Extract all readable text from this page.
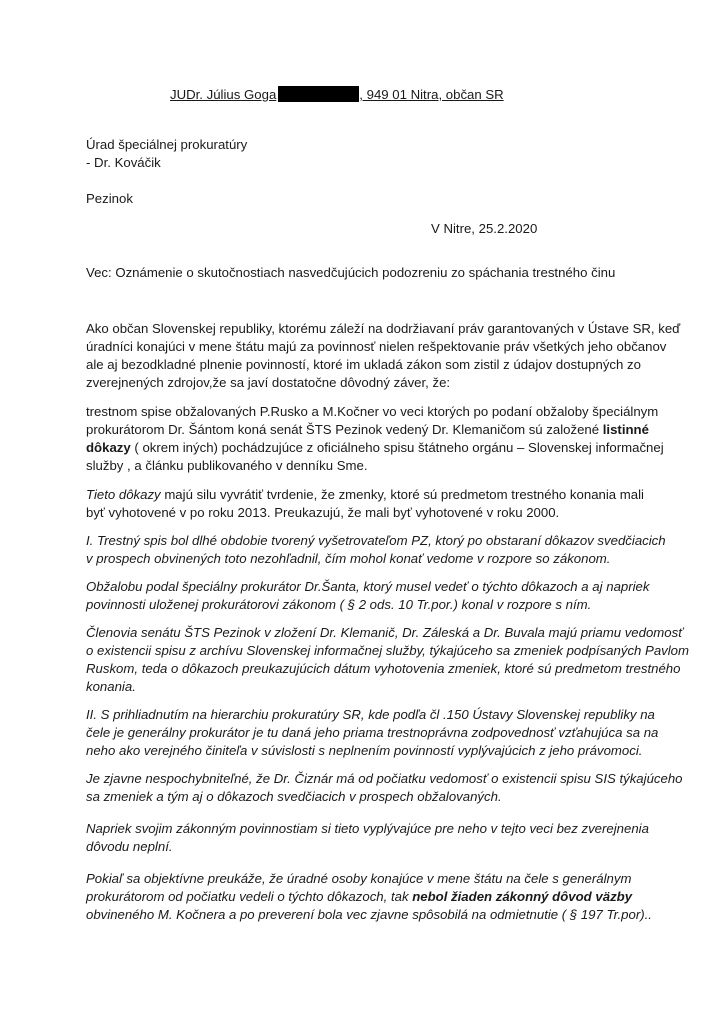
JUDr. Július Goga	, 949 01 Nitra, občan SR
Úrad špeciálnej prokuratúry
- Dr. Kováčik
Pezinok
V Nitre, 25.2.2020
Vec: Oznámenie o skutočnostiach nasvedčujúcich podozreniu zo spáchania trestného činu
Ako občan Slovenskej republiky, ktorému záleží na dodržiavaní práv garantovaných v Ústave SR, keď
úradníci konajúci v mene štátu majú za povinnosť nielen rešpektovanie práv všetkých jeho občanov
ale aj bezodkladné plnenie povinností, ktoré im ukladá zákon som zistil z údajov dostupných zo
zverejnených zdrojov,že sa javí dostatočne dôvodný záver, že:
trestnom spise obžalovaných P.Rusko a M.Kočner vo veci ktorých po podaní obžaloby špeciálnym
prokurátorom Dr. Šántom koná senát ŠTS Pezinok vedený Dr. Klemaničom sú založené listinné
dôkazy ( okrem iných) pochádzujúce z oficiálneho spisu štátneho orgánu – Slovenskej informačnej
služby , a článku publikovaného v denníku Sme.
Tieto dôkazy majú silu vyvrátiť tvrdenie, že zmenky, ktoré sú predmetom trestného konania mali
byť vyhotovené v po roku 2013. Preukazujú, že mali byť vyhotovené v roku 2000.
I. Trestný spis bol dlhé obdobie tvorený vyšetrovateľom PZ, ktorý po obstaraní dôkazov svedčiacich
v prospech obvinených toto nezohľadnil, čím mohol konať vedome v rozpore so zákonom.
Obžalobu podal špeciálny prokurátor Dr.Šanta, ktorý musel vedeť o týchto dôkazoch a aj napriek
povinnosti uloženej prokurátorovi zákonom ( § 2 ods. 10 Tr.por.) konal v rozpore s ním.
Členovia senátu ŠTS Pezinok v zložení Dr. Klemanič, Dr. Záleská a Dr. Buvala majú priamu vedomosť
o existencii spisu z archívu Slovenskej informačnej služby, týkajúceho sa zmeniek podpísaných Pavlom
Ruskom, teda o dôkazoch preukazujúcich dátum vyhotovenia zmeniek, ktoré sú predmetom trestného
konania.
II. S prihliadnutím na hierarchiu prokuratúry SR, kde podľa čl .150 Ústavy Slovenskej republiky na
čele je generálny prokurátor je tu daná jeho priama trestnoprávna zodpovednosť vzťahujúca sa na
neho ako verejného činiteľa v súvislosti s neplnením povinností vyplývajúcich z jeho právomoci.
Je zjavne nespochybniteľné, že Dr. Čiznár má od počiatku vedomosť o existencii spisu SIS týkajúceho
sa zmeniek a tým aj o dôkazoch svedčiacich v prospech obžalovaných.
Napriek svojim zákonným povinnostiam si tieto vyplývajúce pre neho v tejto veci bez zverejnenia
dôvodu neplní.
Pokiaľ sa objektívne preukáže, že úradné osoby konajúce v mene štátu na čele s generálnym
prokurátorom od počiatku vedeli o týchto dôkazoch, tak nebol žiaden zákonný dôvod väzby
obvineného M. Kočnera a po preverení bola vec zjavne spôsobilá na odmietnutie ( § 197 Tr.por)..
